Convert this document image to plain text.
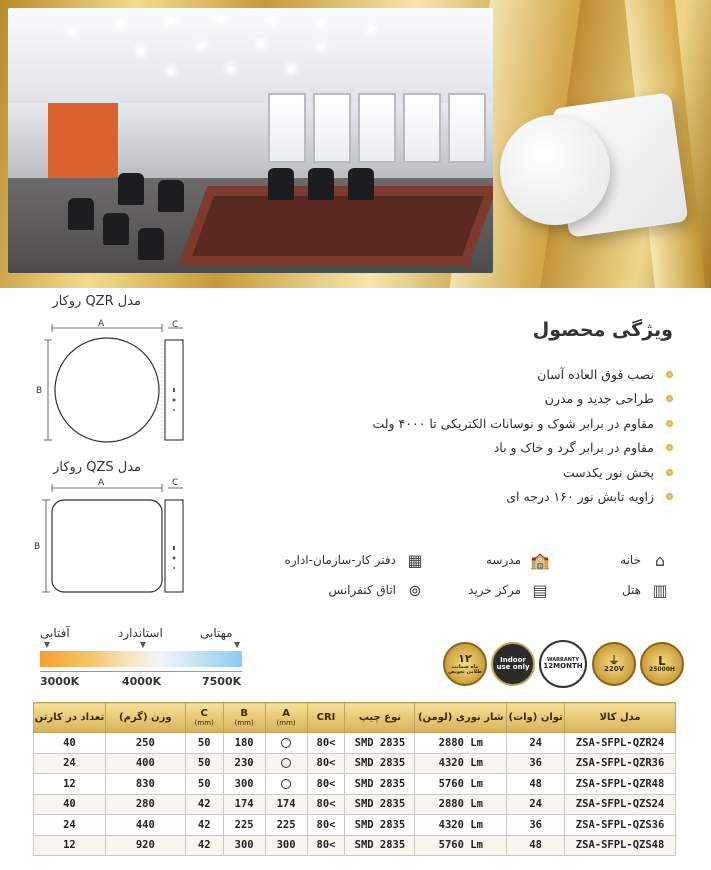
مدل QZR روکار
A
B
C
مدل QZS روکار
A
B
C
ویژگی محصول
نصب فوق العاده آسان
طراحی جدید و مدرن
مقاوم در برابر شوک و نوسانات الکتریکی تا ۴۰۰۰ ولت
مقاوم در برابر گرد و خاک و باد
پخش نور یکدست
زاویه تابش نور ۱۶۰ درجه ای
⌂
خانه
🏫
مدرسه
▦
دفتر کار-سازمان-اداره
▥
هتل
▤
مرکز خرید
⊚
اتاق کنفرانس
آفتابی	استاندارد	مهتابی
3000K	4000K	7500K
۱۲
ماه ضمانت طلایی تعویض
Indoor use only
WARRANTY
12MONTH	⏚
220V
L
25000H
تعداد در کارتن	وزن (گرم)	C
(mm)	B
(mm)	A
(mm)	CRI	نوع چیپ	شار نوری (لومن)	توان (وات)	مدل کالا
40	250	50	180		80<	SMD 2835	2880 Lm	24	ZSA-SFPL-QZR24
24	400	50	230		80<	SMD 2835	4320 Lm	36	ZSA-SFPL-QZR36
12	830	50	300		80<	SMD 2835	5760 Lm	48	ZSA-SFPL-QZR48
40	280	42	174	174	80<	SMD 2835	2880 Lm	24	ZSA-SFPL-QZS24
24	440	42	225	225	80<	SMD 2835	4320 Lm	36	ZSA-SFPL-QZS36
12	920	42	300	300	80<	SMD 2835	5760 Lm	48	ZSA-SFPL-QZS48
